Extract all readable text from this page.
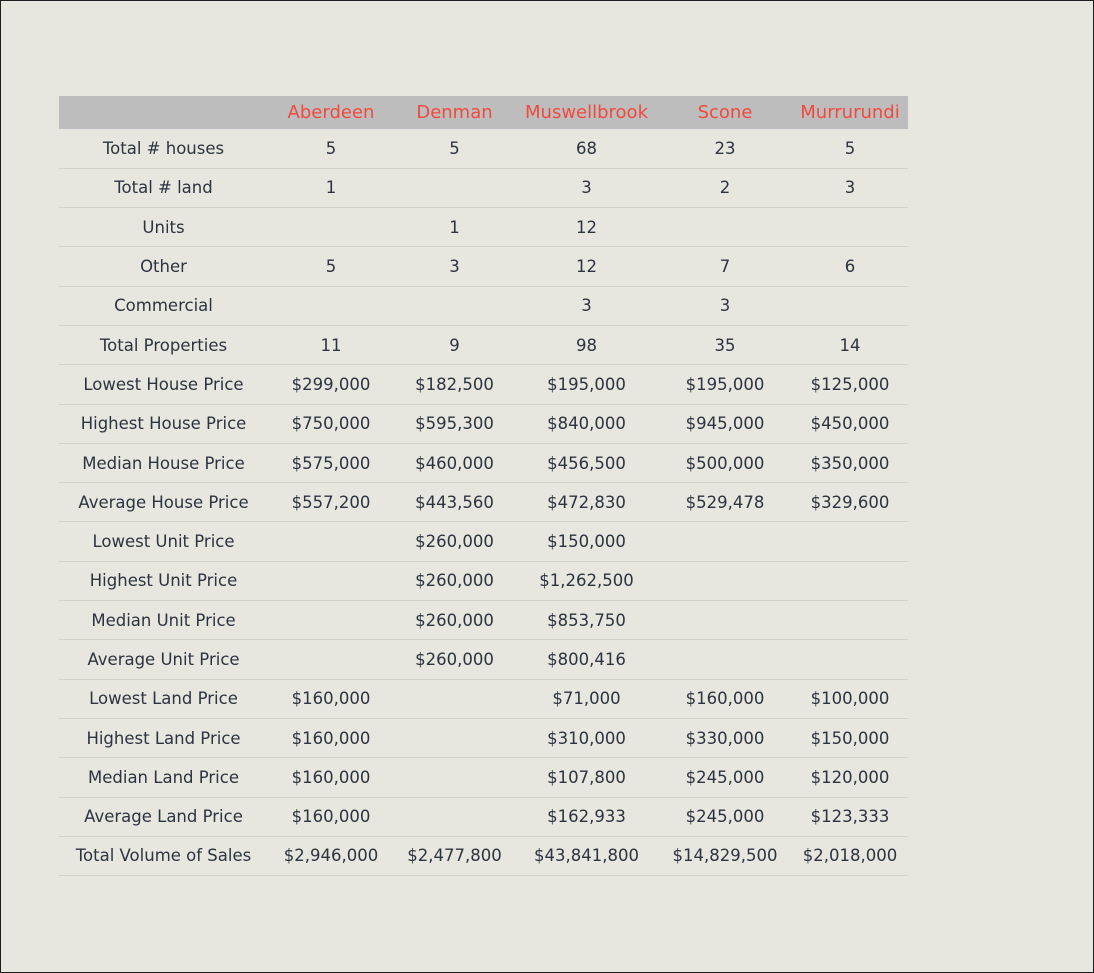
	Aberdeen	Denman	Muswellbrook	Scone	Murrurundi
Total # houses	5	5	68	23	5
Total # land	1		3	2	3
Units		1	12		
Other	5	3	12	7	6
Commercial			3	3	
Total Properties	11	9	98	35	14
Lowest House Price	$299,000	$182,500	$195,000	$195,000	$125,000
Highest House Price	$750,000	$595,300	$840,000	$945,000	$450,000
Median House Price	$575,000	$460,000	$456,500	$500,000	$350,000
Average House Price	$557,200	$443,560	$472,830	$529,478	$329,600
Lowest Unit Price		$260,000	$150,000		
Highest Unit Price		$260,000	$1,262,500		
Median Unit Price		$260,000	$853,750		
Average Unit Price		$260,000	$800,416		
Lowest Land Price	$160,000		$71,000	$160,000	$100,000
Highest Land Price	$160,000		$310,000	$330,000	$150,000
Median Land Price	$160,000		$107,800	$245,000	$120,000
Average Land Price	$160,000		$162,933	$245,000	$123,333
Total Volume of Sales	$2,946,000	$2,477,800	$43,841,800	$14,829,500	$2,018,000
